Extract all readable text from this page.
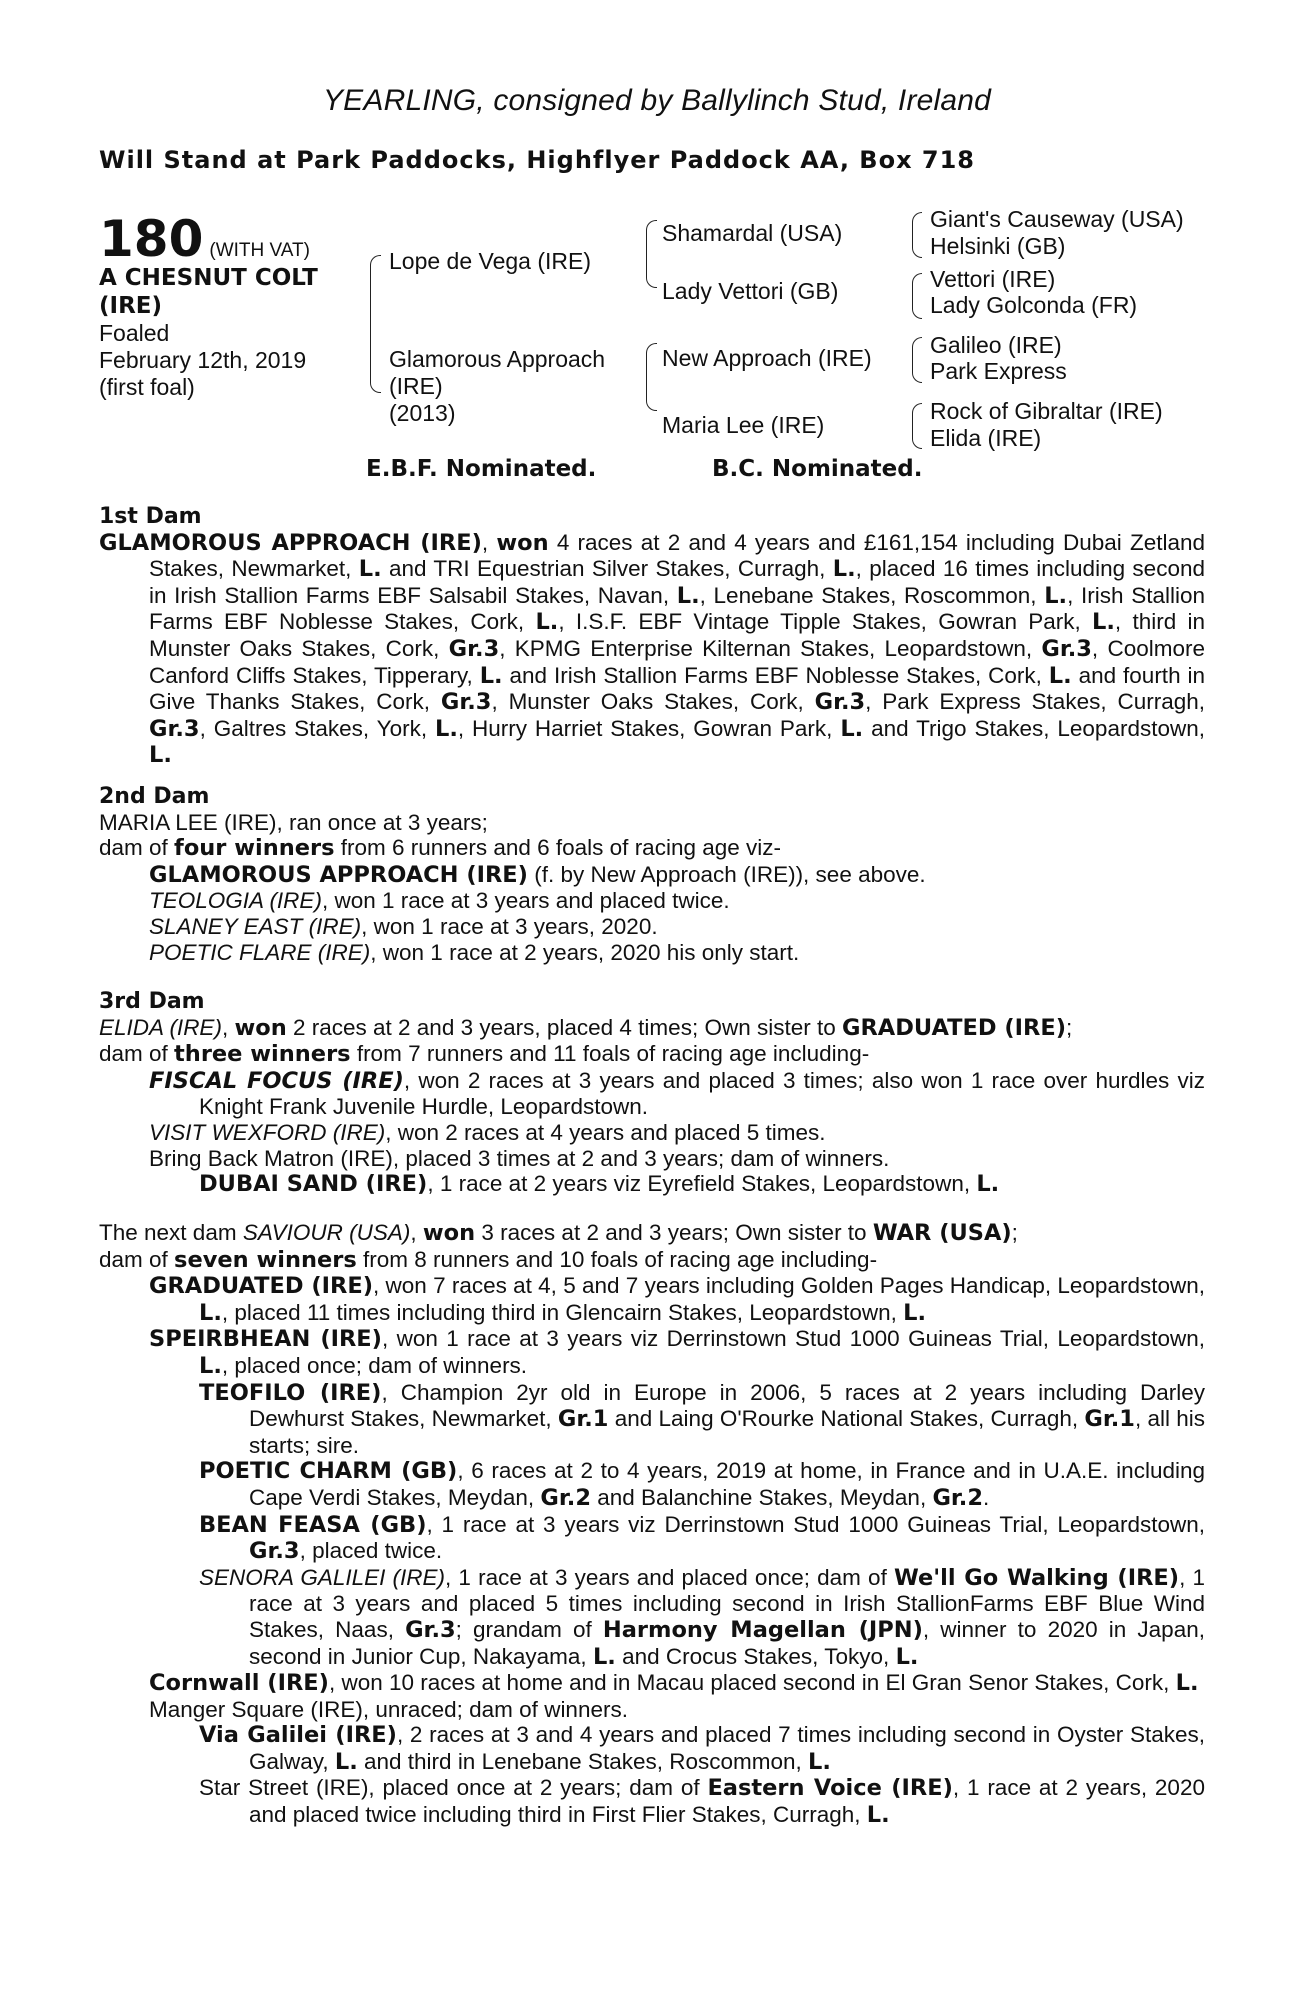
YEARLING, consigned by Ballylinch Stud, Ireland
Will Stand at Park Paddocks, Highflyer Paddock AA, Box 718
180 (WITH VAT)
A CHESNUT COLT
(IRE)
Foaled
February 12th, 2019
(first foal)
Lope de Vega (IRE)
Glamorous Approach
(IRE)
(2013)
Shamardal (USA)
Lady Vettori (GB)
New Approach (IRE)
Maria Lee (IRE)
Giant's Causeway (USA)
Helsinki (GB)
Vettori (IRE)
Lady Golconda (FR)
Galileo (IRE)
Park Express
Rock of Gibraltar (IRE)
Elida (IRE)
E.B.F. Nominated.	B.C. Nominated.
1st Dam
GLAMOROUS APPROACH (IRE), won 4 races at 2 and 4 years and £161,154 including Dubai Zetland Stakes, Newmarket, L. and TRI Equestrian Silver Stakes, Curragh, L., placed 16 times including second in Irish Stallion Farms EBF Salsabil Stakes, Navan, L., Lenebane Stakes, Roscommon, L., Irish Stallion Farms EBF Noblesse Stakes, Cork, L., I.S.F. EBF Vintage Tipple Stakes, Gowran Park, L., third in Munster Oaks Stakes, Cork, Gr.3, KPMG Enterprise Kilternan Stakes, Leopardstown, Gr.3, Coolmore Canford Cliffs Stakes, Tipperary, L. and Irish Stallion Farms EBF Noblesse Stakes, Cork, L. and fourth in Give Thanks Stakes, Cork, Gr.3, Munster Oaks Stakes, Cork, Gr.3, Park Express Stakes, Curragh, Gr.3, Galtres Stakes, York, L., Hurry Harriet Stakes, Gowran Park, L. and Trigo Stakes, Leopardstown, L.
2nd Dam
MARIA LEE (IRE), ran once at 3 years;
dam of four winners from 6 runners and 6 foals of racing age viz-
GLAMOROUS APPROACH (IRE) (f. by New Approach (IRE)), see above.
TEOLOGIA (IRE), won 1 race at 3 years and placed twice.
SLANEY EAST (IRE), won 1 race at 3 years, 2020.
POETIC FLARE (IRE), won 1 race at 2 years, 2020 his only start.
3rd Dam
ELIDA (IRE), won 2 races at 2 and 3 years, placed 4 times; Own sister to GRADUATED (IRE);
dam of three winners from 7 runners and 11 foals of racing age including-
FISCAL FOCUS (IRE), won 2 races at 3 years and placed 3 times; also won 1 race over hurdles viz Knight Frank Juvenile Hurdle, Leopardstown.
VISIT WEXFORD (IRE), won 2 races at 4 years and placed 5 times.
Bring Back Matron (IRE), placed 3 times at 2 and 3 years; dam of winners.
DUBAI SAND (IRE), 1 race at 2 years viz Eyrefield Stakes, Leopardstown, L.
The next dam SAVIOUR (USA), won 3 races at 2 and 3 years; Own sister to WAR (USA);
dam of seven winners from 8 runners and 10 foals of racing age including-
GRADUATED (IRE), won 7 races at 4, 5 and 7 years including Golden Pages Handicap, Leopardstown, L., placed 11 times including third in Glencairn Stakes, Leopardstown, L.
SPEIRBHEAN (IRE), won 1 race at 3 years viz Derrinstown Stud 1000 Guineas Trial, Leopardstown, L., placed once; dam of winners.
TEOFILO (IRE), Champion 2yr old in Europe in 2006, 5 races at 2 years including Darley Dewhurst Stakes, Newmarket, Gr.1 and Laing O'Rourke National Stakes, Curragh, Gr.1, all his starts; sire.
POETIC CHARM (GB), 6 races at 2 to 4 years, 2019 at home, in France and in U.A.E. including Cape Verdi Stakes, Meydan, Gr.2 and Balanchine Stakes, Meydan, Gr.2.
BEAN FEASA (GB), 1 race at 3 years viz Derrinstown Stud 1000 Guineas Trial, Leopardstown, Gr.3, placed twice.
SENORA GALILEI (IRE), 1 race at 3 years and placed once; dam of We'll Go Walking (IRE), 1 race at 3 years and placed 5 times including second in Irish StallionFarms EBF Blue Wind Stakes, Naas, Gr.3; grandam of Harmony Magellan (JPN), winner to 2020 in Japan, second in Junior Cup, Nakayama, L. and Crocus Stakes, Tokyo, L.
Cornwall (IRE), won 10 races at home and in Macau placed second in El Gran Senor Stakes, Cork, L.
Manger Square (IRE), unraced; dam of winners.
Via Galilei (IRE), 2 races at 3 and 4 years and placed 7 times including second in Oyster Stakes, Galway, L. and third in Lenebane Stakes, Roscommon, L.
Star Street (IRE), placed once at 2 years; dam of Eastern Voice (IRE), 1 race at 2 years, 2020 and placed twice including third in First Flier Stakes, Curragh, L.
